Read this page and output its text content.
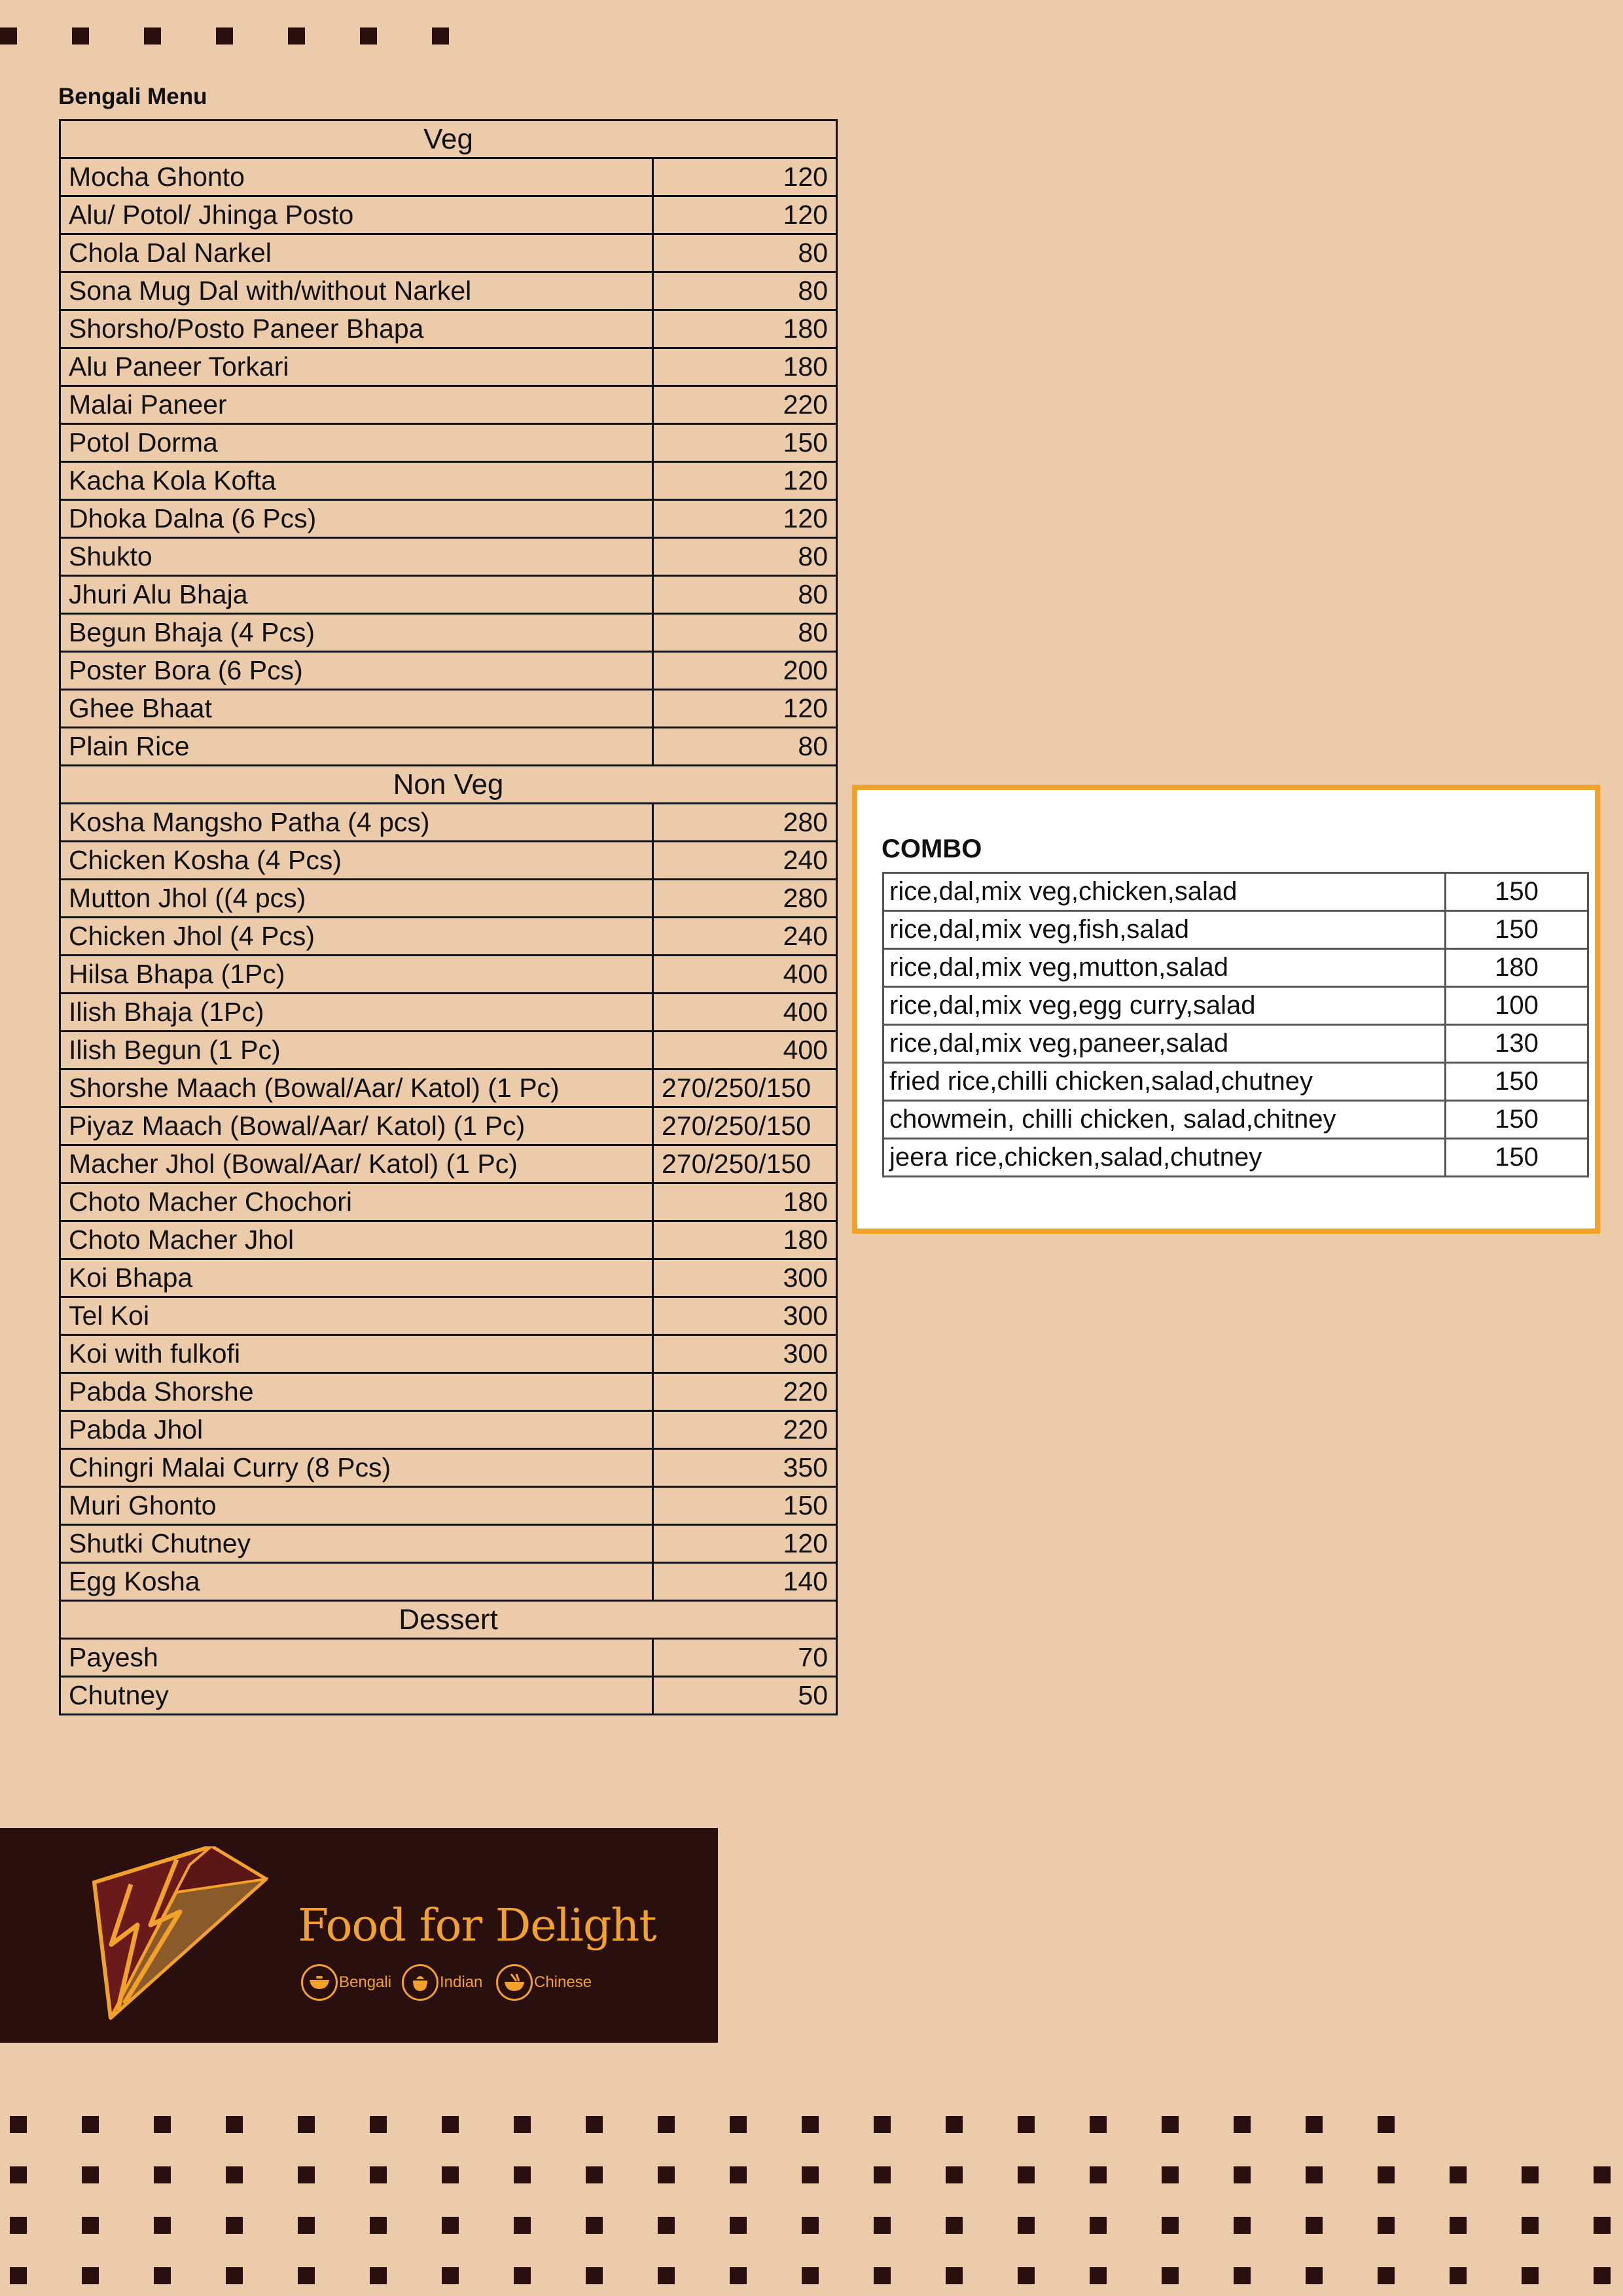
Bengali Menu
Veg	
Mocha Ghonto	120
Alu/ Potol/ Jhinga Posto	120
Chola Dal Narkel	80
Sona Mug Dal with/without Narkel	80
Shorsho/Posto Paneer Bhapa	180
Alu Paneer Torkari	180
Malai Paneer	220
Potol Dorma	150
Kacha Kola Kofta	120
Dhoka Dalna (6 Pcs)	120
Shukto	80
Jhuri Alu Bhaja	80
Begun Bhaja (4 Pcs)	80
Poster Bora (6 Pcs)	200
Ghee Bhaat	120
Plain Rice	80
Non Veg	
Kosha Mangsho Patha (4 pcs)	280
Chicken Kosha (4 Pcs)	240
Mutton Jhol ((4 pcs)	280
Chicken Jhol (4 Pcs)	240
Hilsa Bhapa (1Pc)	400
Ilish Bhaja (1Pc)	400
Ilish Begun (1 Pc)	400
Shorshe Maach (Bowal/Aar/ Katol) (1 Pc)	270/250/150
Piyaz Maach (Bowal/Aar/ Katol) (1 Pc)	270/250/150
Macher Jhol (Bowal/Aar/ Katol) (1 Pc)	270/250/150
Choto Macher Chochori	180
Choto Macher Jhol	180
Koi Bhapa	300
Tel Koi	300
Koi with fulkofi	300
Pabda Shorshe	220
Pabda Jhol	220
Chingri Malai Curry (8 Pcs)	350
Muri Ghonto	150
Shutki Chutney	120
Egg Kosha	140
Dessert	
Payesh	70
Chutney	50
COMBO
rice,dal,mix veg,chicken,salad	150
rice,dal,mix veg,fish,salad	150
rice,dal,mix veg,mutton,salad	180
rice,dal,mix veg,egg curry,salad	100
rice,dal,mix veg,paneer,salad	130
fried rice,chilli chicken,salad,chutney	150
chowmein, chilli chicken, salad,chitney	150
jeera rice,chicken,salad,chutney	150
Food for Delight
Bengali	Indian	Chinese
